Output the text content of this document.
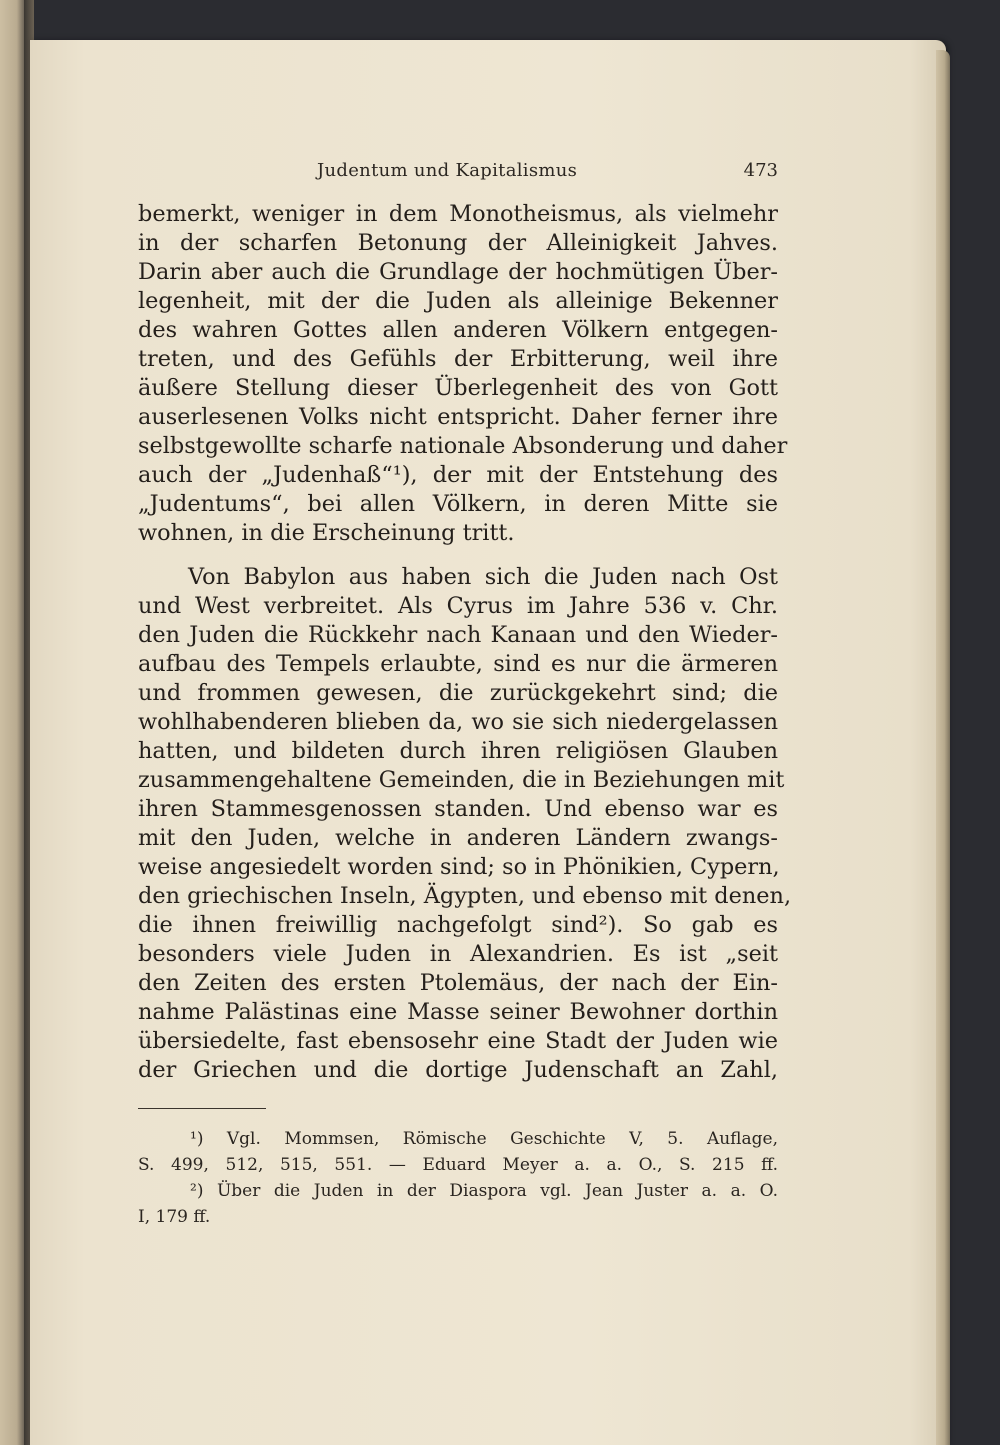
Judentum und Kapitalismus	473
bemerkt, weniger in dem Monotheismus, als vielmehr
in der scharfen Betonung der Alleinigkeit Jahves.
Darin aber auch die Grundlage der hochmütigen Über-
legenheit, mit der die Juden als alleinige Bekenner
des wahren Gottes allen anderen Völkern entgegen-
treten, und des Gefühls der Erbitterung, weil ihre
äußere Stellung dieser Überlegenheit des von Gott
auserlesenen Volks nicht entspricht. Daher ferner ihre
selbstgewollte scharfe nationale Absonderung und daher
auch der „Judenhaß“¹), der mit der Entstehung des
„Judentums“, bei allen Völkern, in deren Mitte sie
wohnen, in die Erscheinung tritt.
Von Babylon aus haben sich die Juden nach Ost
und West verbreitet. Als Cyrus im Jahre 536 v. Chr.
den Juden die Rückkehr nach Kanaan und den Wieder-
aufbau des Tempels erlaubte, sind es nur die ärmeren
und frommen gewesen, die zurückgekehrt sind; die
wohlhabenderen blieben da, wo sie sich niedergelassen
hatten, und bildeten durch ihren religiösen Glauben
zusammengehaltene Gemeinden, die in Beziehungen mit
ihren Stammesgenossen standen. Und ebenso war es
mit den Juden, welche in anderen Ländern zwangs-
weise angesiedelt worden sind; so in Phönikien, Cypern,
den griechischen Inseln, Ägypten, und ebenso mit denen,
die ihnen freiwillig nachgefolgt sind²). So gab es
besonders viele Juden in Alexandrien. Es ist „seit
den Zeiten des ersten Ptolemäus, der nach der Ein-
nahme Palästinas eine Masse seiner Bewohner dorthin
übersiedelte, fast ebensosehr eine Stadt der Juden wie
der Griechen und die dortige Judenschaft an Zahl,
¹) Vgl. Mommsen, Römische Geschichte V, 5. Auflage,
S. 499, 512, 515, 551. — Eduard Meyer a. a. O., S. 215 ff.
²) Über die Juden in der Diaspora vgl. Jean Juster a. a. O.
I, 179 ff.
